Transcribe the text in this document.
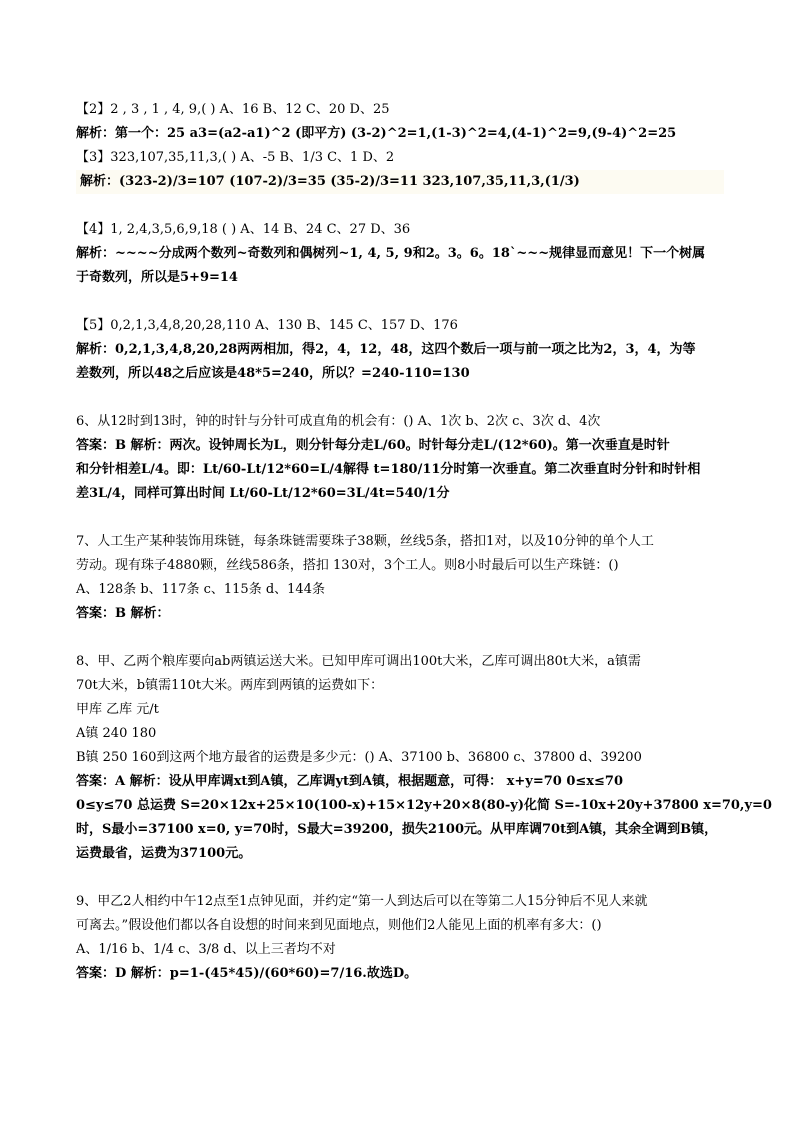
【2】2 , 3 , 1 , 4, 9,( ) A、16 B、12 C、20 D、25
解析：第一个：25 a3=(a2-a1)^2 (即平方) (3-2)^2=1,(1-3)^2=4,(4-1)^2=9,(9-4)^2=25
【3】323,107,35,11,3,( ) A、-5 B、1/3 C、1 D、2
解析：(323-2)/3=107 (107-2)/3=35 (35-2)/3=11 323,107,35,11,3,(1/3)
【4】1, 2,4,3,5,6,9,18 ( ) A、14 B、24 C、27 D、36
解析：~~~~分成两个数列~奇数列和偶树列~1, 4, 5, 9和2。3。6。18`~~~规律显而意见！下一个树属
于奇数列，所以是5+9=14
【5】0,2,1,3,4,8,20,28,110 A、130 B、145 C、157 D、176
解析：0,2,1,3,4,8,20,28两两相加，得2，4，12，48，这四个数后一项与前一项之比为2，3，4，为等
差数列，所以48之后应该是48*5=240，所以？=240-110=130
6、从12时到13时，钟的时针与分针可成直角的机会有：() A、1次 b、2次 c、3次 d、4次
答案：B 解析：两次。设钟周长为L，则分针每分走L/60。时针每分走L/(12*60)。第一次垂直是时针
和分针相差L/4。即：Lt/60-Lt/12*60=L/4解得 t=180/11分时第一次垂直。第二次垂直时分针和时针相
差3L/4，同样可算出时间 Lt/60-Lt/12*60=3L/4t=540/1分
7、人工生产某种装饰用珠链，每条珠链需要珠子38颗，丝线5条，搭扣1对，以及10分钟的单个人工
劳动。现有珠子4880颗，丝线586条，搭扣 130对，3个工人。则8小时最后可以生产珠链：()
A、128条 b、117条 c、115条 d、144条
答案：B 解析：
8、甲、乙两个粮库要向ab两镇运送大米。已知甲库可调出100t大米，乙库可调出80t大米，a镇需
70t大米，b镇需110t大米。两库到两镇的运费如下：
甲库 乙库 元/t
A镇 240 180
B镇 250 160到这两个地方最省的运费是多少元：() A、37100 b、36800 c、37800 d、39200
答案：A 解析：设从甲库调xt到A镇，乙库调yt到A镇，根据题意，可得： x+y=70 0≤x≤70
0≤y≤70 总运费 S=20×12x+25×10(100-x)+15×12y+20×8(80-y)化简 S=-10x+20y+37800 x=70,y=0
时，S最小=37100 x=0, y=70时，S最大=39200，损失2100元。从甲库调70t到A镇，其余全调到B镇，
运费最省，运费为37100元。
9、甲乙2人相约中午12点至1点钟见面，并约定“第一人到达后可以在等第二人15分钟后不见人来就
可离去。”假设他们都以各自设想的时间来到见面地点，则他们2人能见上面的机率有多大：()
A、1/16 b、1/4 c、3/8 d、以上三者均不对
答案：D 解析：p=1-(45*45)/(60*60)=7/16.故选D。
